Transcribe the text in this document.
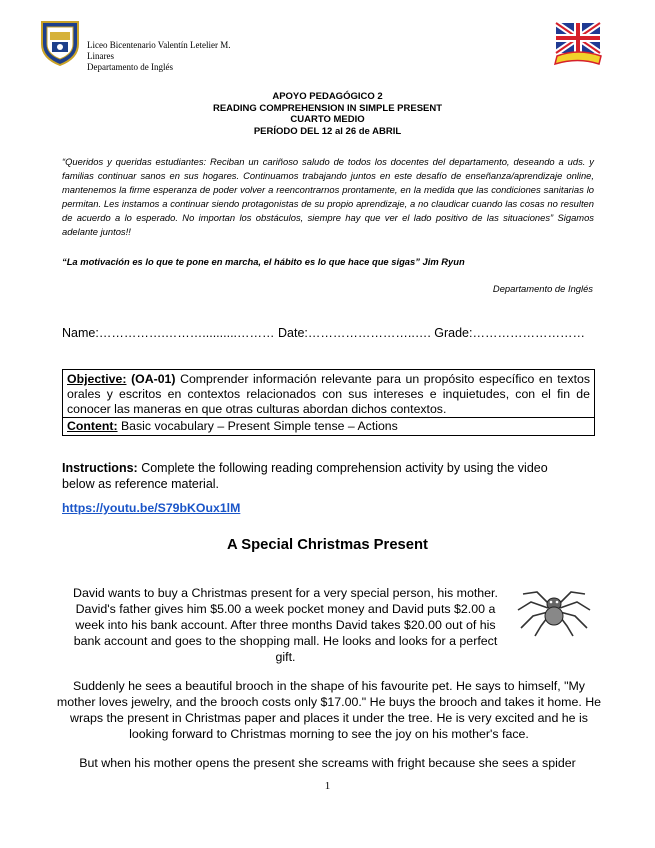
Liceo Bicentenario Valentín Letelier M.
Linares
Departamento de Inglés
APOYO PEDAGÓGICO 2
READING COMPREHENSION IN SIMPLE PRESENT
CUARTO MEDIO
PERÍODO DEL 12 al 26 de ABRIL
“Queridos y queridas estudiantes: Reciban un cariñoso saludo de todos los docentes del departamento, deseando a uds. y familias continuar sanos en sus hogares. Continuamos trabajando juntos en este desafío de enseñanza/aprendizaje online, mantenemos la firme esperanza de poder volver a reencontrarnos prontamente, en la medida que las condiciones sanitarias lo permitan. Les instamos a continuar siendo protagonistas de su propio aprendizaje, a no claudicar cuando las cosas no resulten de acuerdo a lo esperado. No importan los obstáculos, siempre hay que ver el lado positivo de las situaciones” Sigamos adelante juntos!!
“La motivación es lo que te pone en marcha, el hábito es lo que hace que sigas” Jim Ryun
Departamento de Inglés
Name:…………….………..........……… Date:……………………..…. Grade:………………………
Objective: (OA-01) Comprender información relevante para un propósito específico en textos orales y escritos en contextos relacionados con sus intereses e inquietudes, con el fin de conocer las maneras en que otras culturas abordan dichos contextos.
Content: Basic vocabulary – Present Simple tense – Actions
Instructions: Complete the following reading comprehension activity by using the video below as reference material.
https://youtu.be/S79bKOux1lM
A Special Christmas Present
David wants to buy a Christmas present for a very special person, his mother. David's father gives him $5.00 a week pocket money and David puts $2.00 a week into his bank account. After three months David takes $20.00 out of his bank account and goes to the shopping mall. He looks and looks for a perfect gift.
Suddenly he sees a beautiful brooch in the shape of his favourite pet. He says to himself, "My mother loves jewelry, and the brooch costs only $17.00." He buys the brooch and takes it home. He wraps the present in Christmas paper and places it under the tree. He is very excited and he is looking forward to Christmas morning to see the joy on his mother's face.
But when his mother opens the present she screams with fright because she sees a spider
1
